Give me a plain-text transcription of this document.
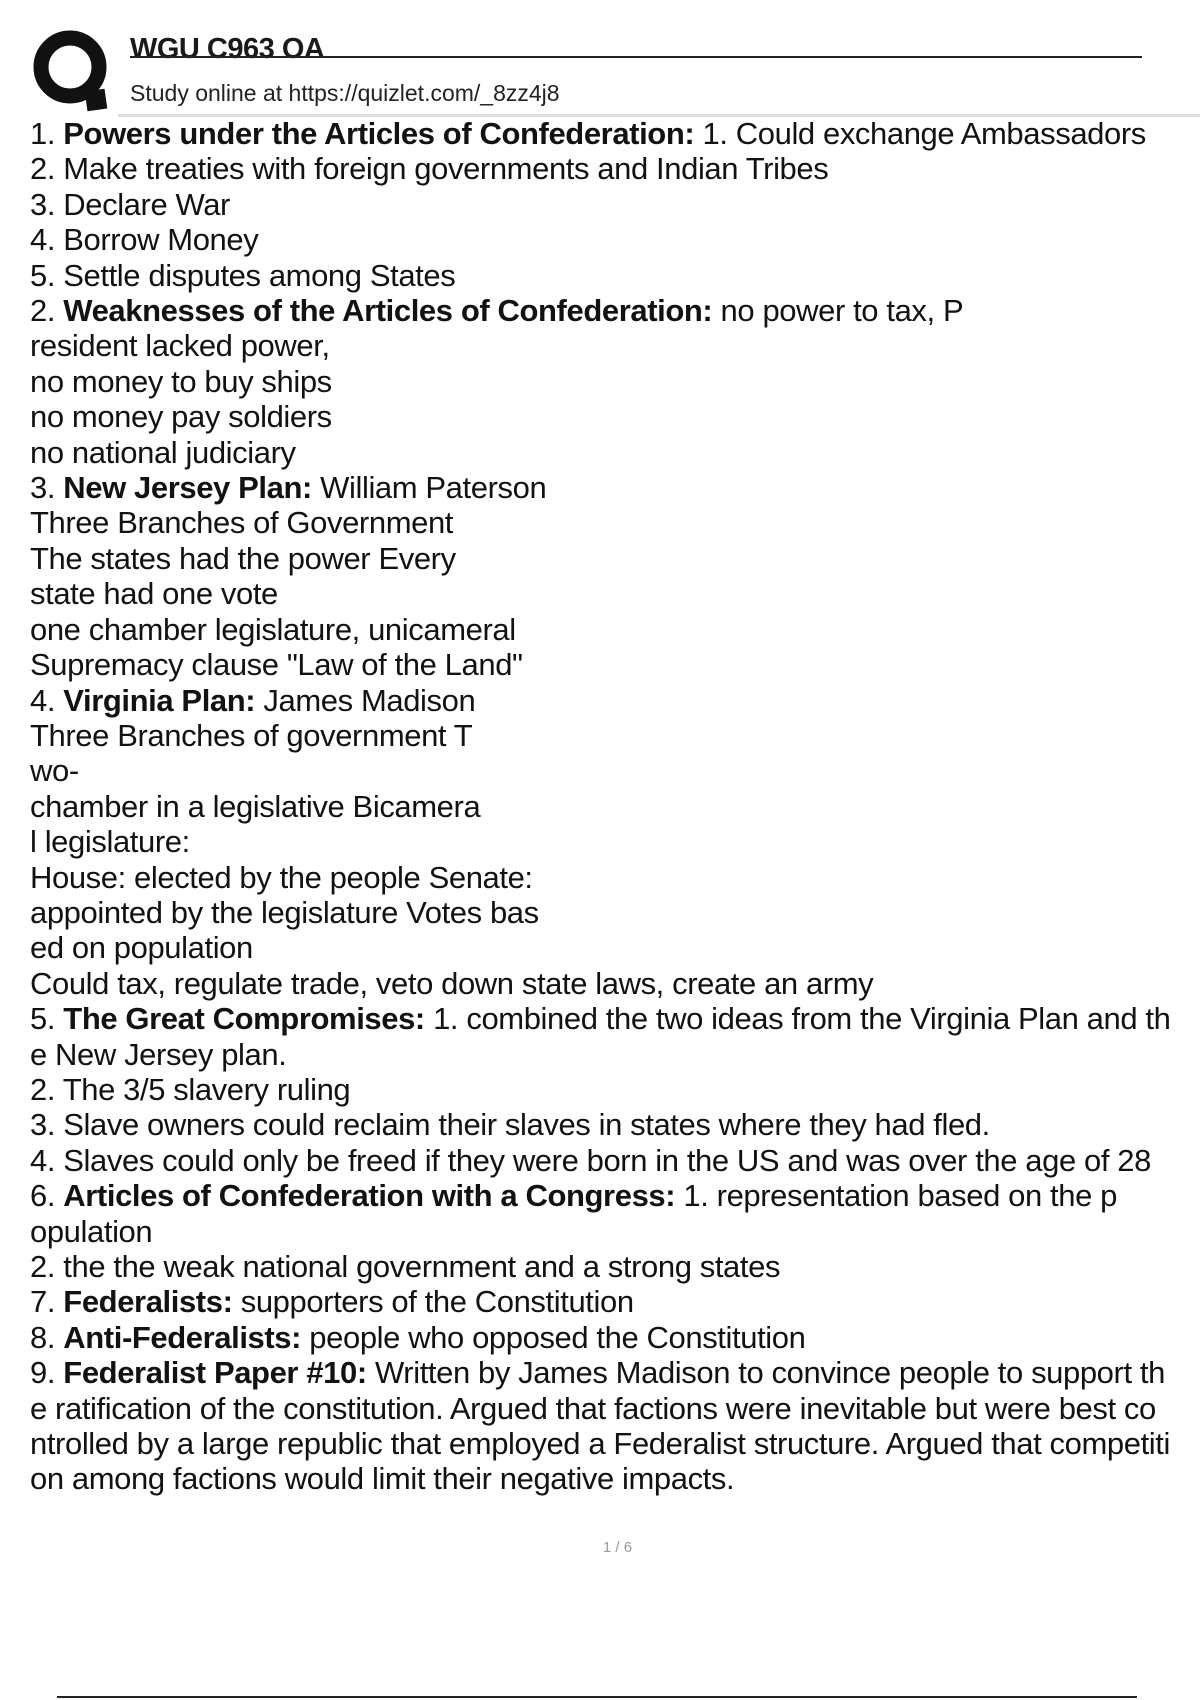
WGU C963 OA
Study online at https://quizlet.com/_8zz4j8
1. Powers under the Articles of Confederation: 1. Could exchange Ambassadors
2. Make treaties with foreign governments and Indian Tribes
3. Declare War
4. Borrow Money
5. Settle disputes among States
2. Weaknesses of the Articles of Confederation: no power to tax, P
resident lacked power,
no money to buy ships
no money pay soldiers
no national judiciary
3. New Jersey Plan: William Paterson
Three Branches of Government
The states had the power Every
state had one vote
one chamber legislature, unicameral
Supremacy clause "Law of the Land"
4. Virginia Plan: James Madison
Three Branches of government T
wo-
chamber in a legislative Bicamera
l legislature:
House: elected by the people Senate:
appointed by the legislature Votes bas
ed on population
Could tax, regulate trade, veto down state laws, create an army
5. The Great Compromises: 1. combined the two ideas from the Virginia Plan and th
e New Jersey plan.
2. The 3/5 slavery ruling
3. Slave owners could reclaim their slaves in states where they had fled.
4. Slaves could only be freed if they were born in the US and was over the age of 28
6. Articles of Confederation with a Congress: 1. representation based on the p
opulation
2. the the weak national government and a strong states
7. Federalists: supporters of the Constitution
8. Anti-Federalists: people who opposed the Constitution
9. Federalist Paper #10: Written by James Madison to convince people to support th
e ratification of the constitution. Argued that factions were inevitable but were best co
ntrolled by a large republic that employed a Federalist structure. Argued that competiti
on among factions would limit their negative impacts.
1 / 6
